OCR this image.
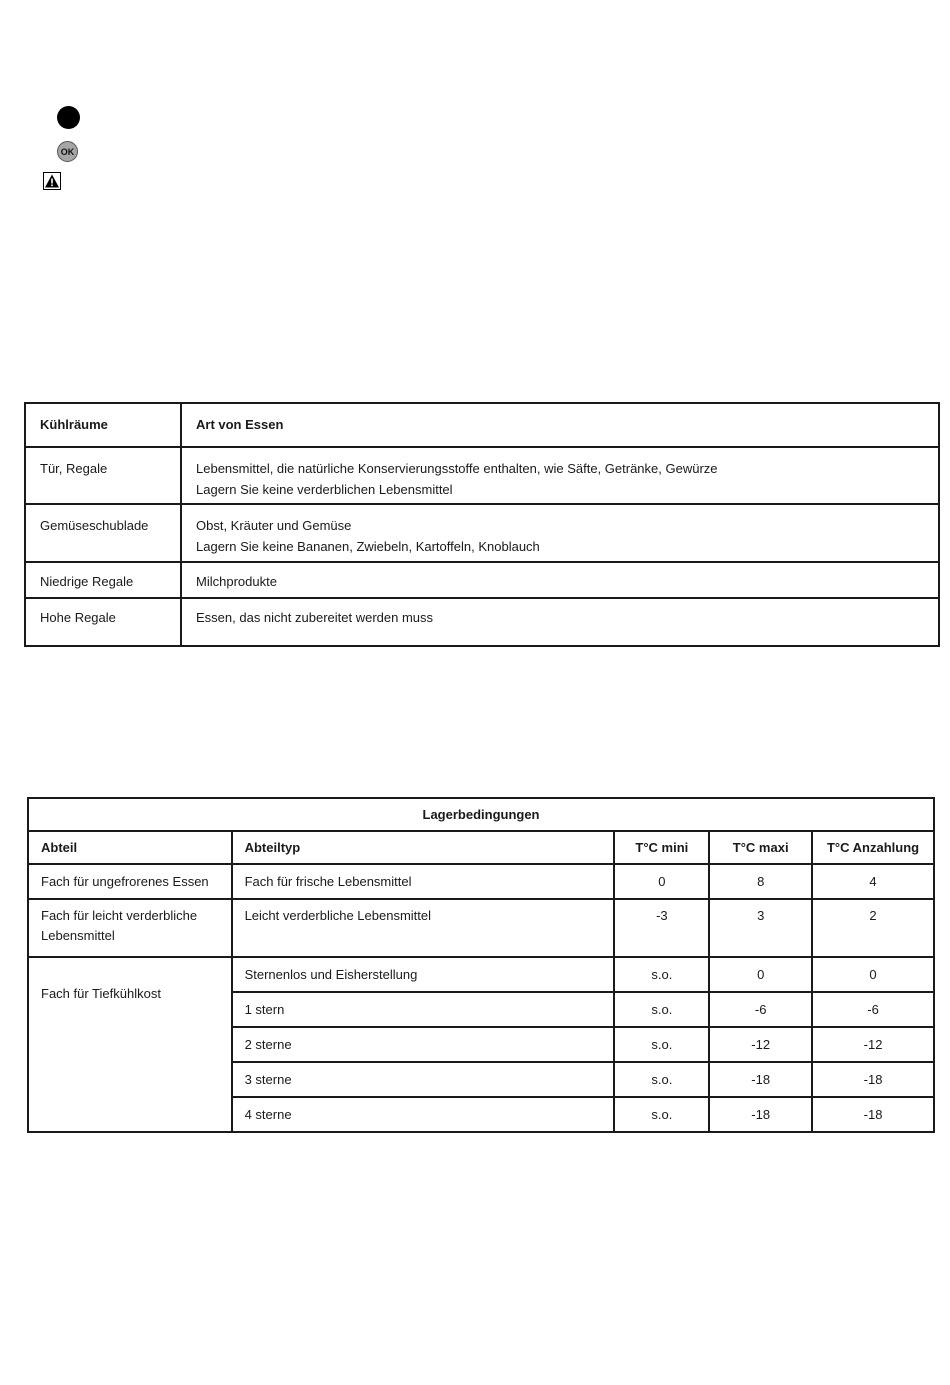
OK
Kühlräume	Art von Essen
Tür, Regale	Lebensmittel, die natürliche Konservierungsstoffe enthalten, wie Säfte, Getränke, Gewürze
Lagern Sie keine verderblichen Lebensmittel

Gemüseschublade	Obst, Kräuter und Gemüse
Lagern Sie keine Bananen, Zwiebeln, Kartoffeln, Knoblauch

Niedrige Regale	Milchprodukte

Hohe Regale	Essen, das nicht zubereitet werden muss
Lagerbedingungen				
Abteil	Abteiltyp	T°C mini	T°C maxi	T°C Anzahlung
Fach für ungefrorenes Essen	Fach für frische Lebensmittel	0	8	4
Fach für leicht verderbliche Lebensmittel	Leicht verderbliche Lebensmittel	-3	3	2
Fach für Tiefkühlkost	Sternenlos und Eisherstellung	s.o.	0	0
	1 stern	s.o.	-6	-6
	2 sterne	s.o.	-12	-12
	3 sterne	s.o.	-18	-18
	4 sterne	s.o.	-18	-18
